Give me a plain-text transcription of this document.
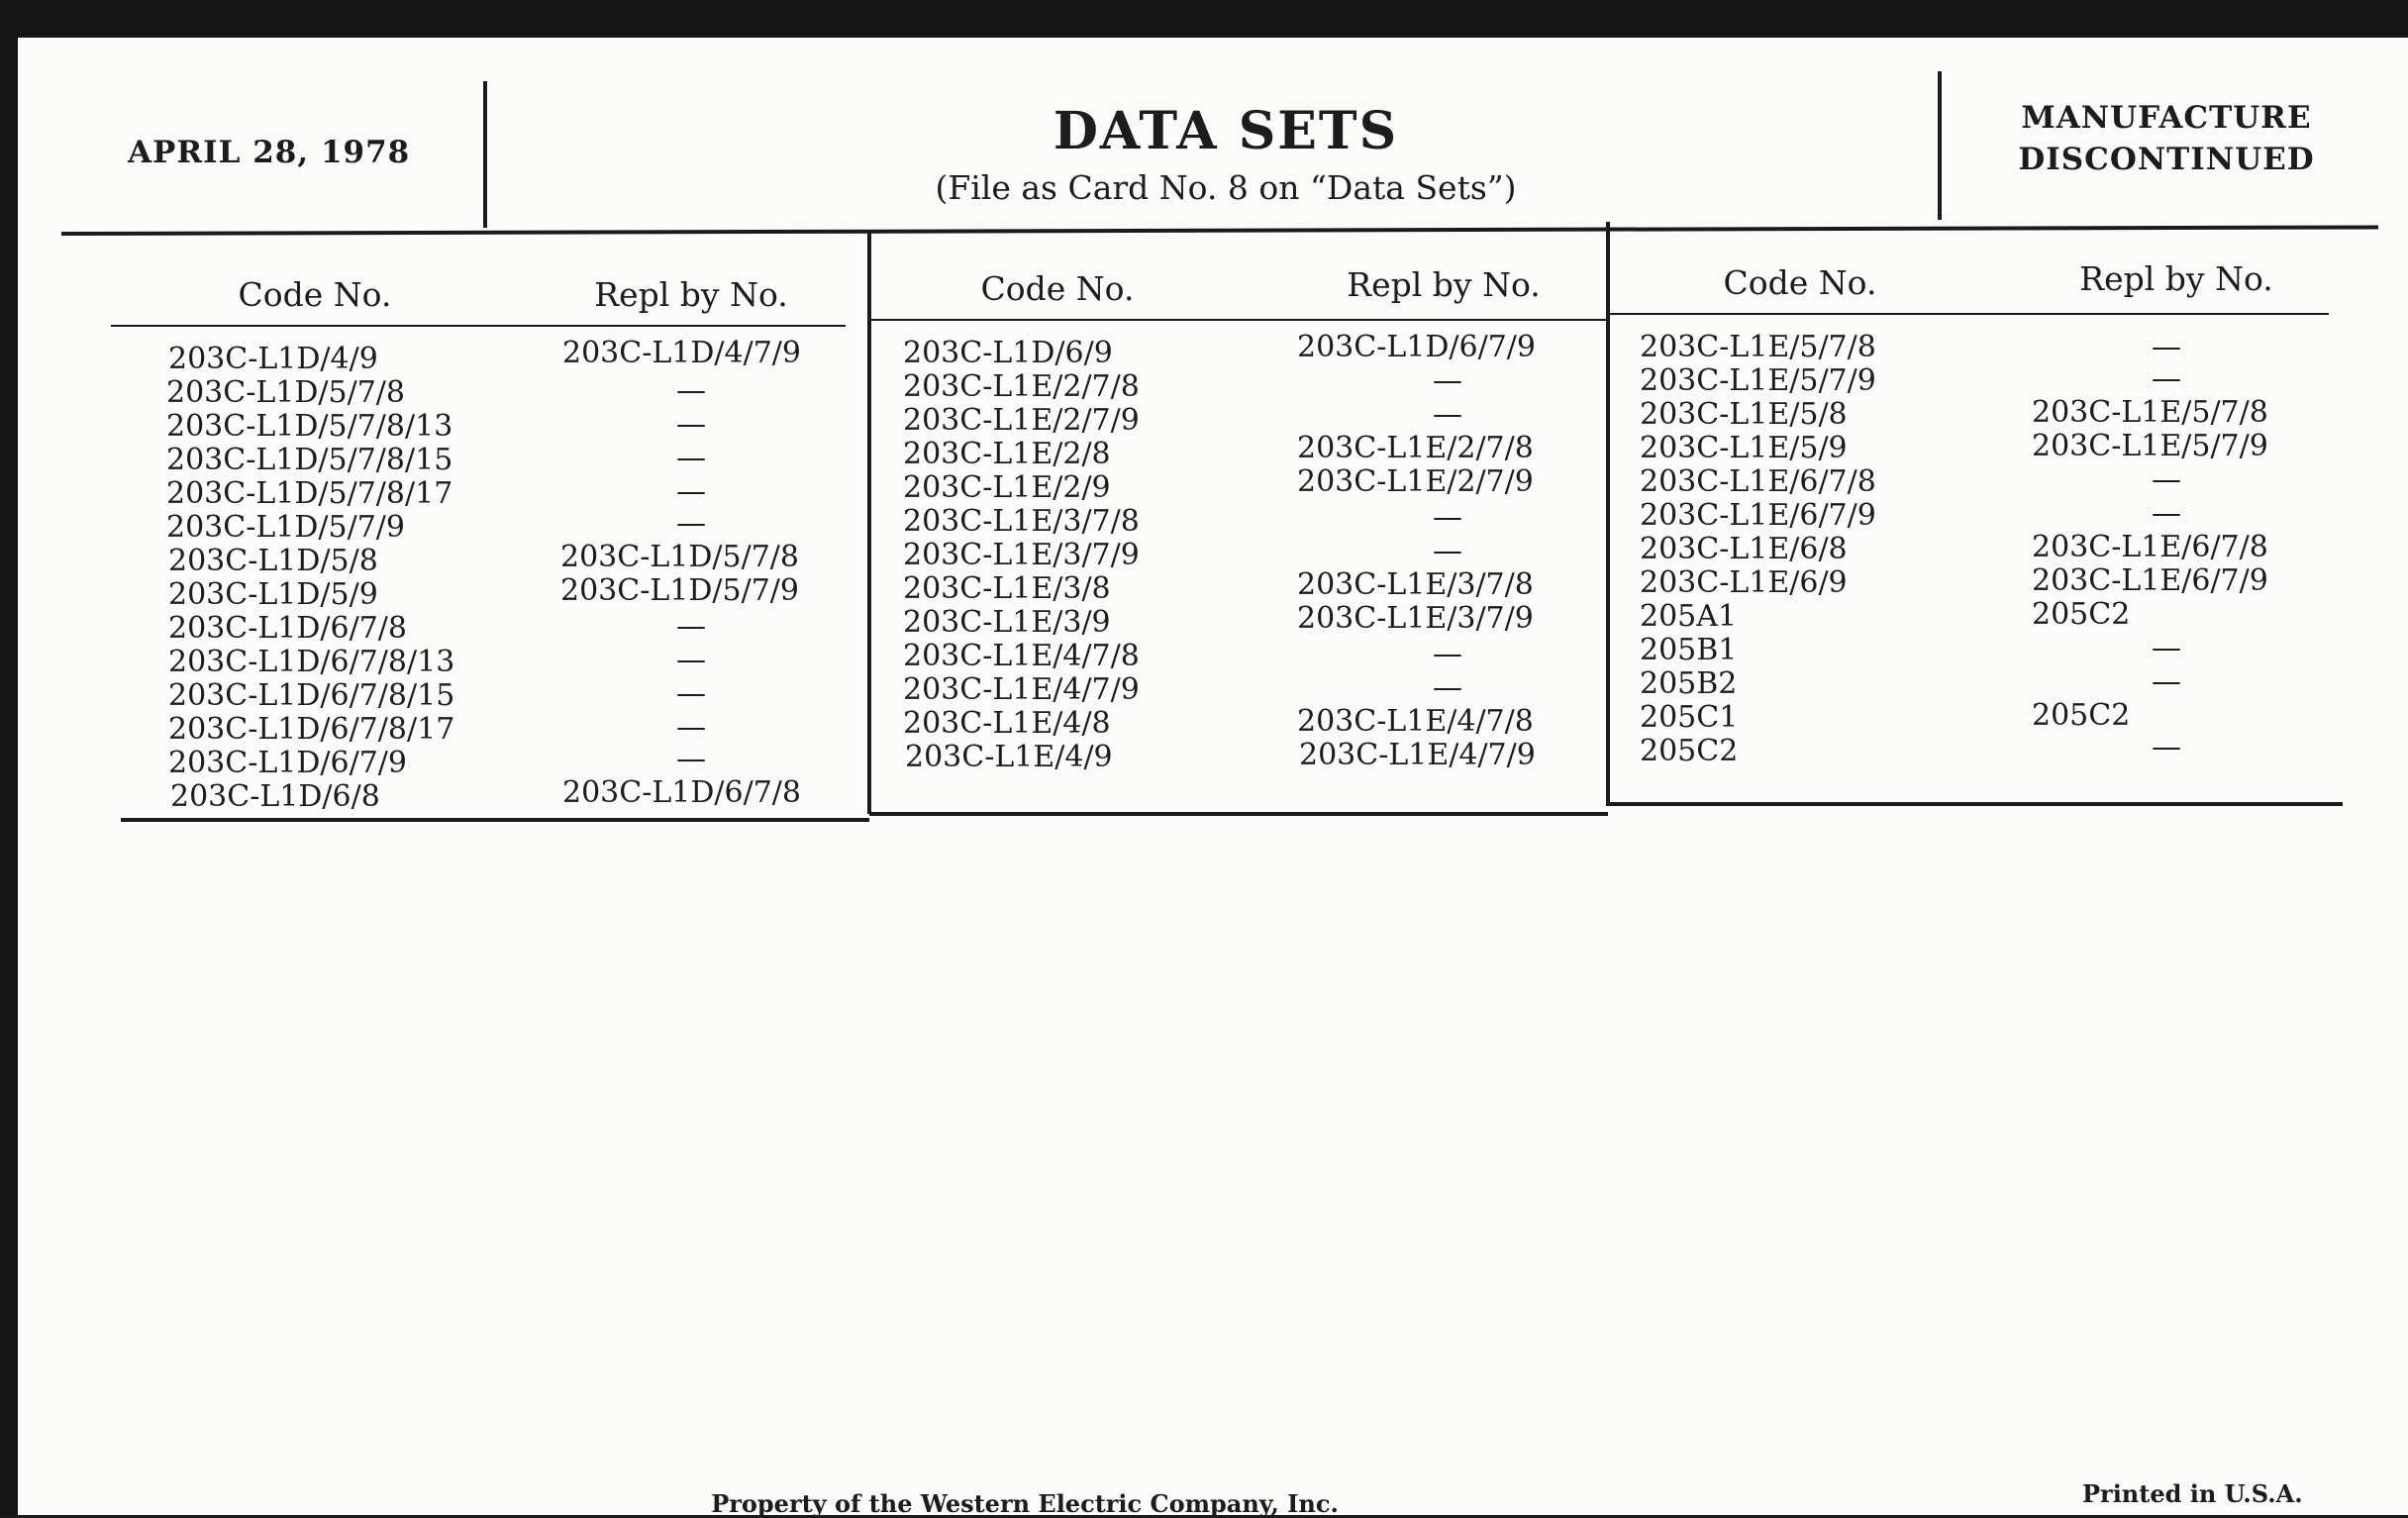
APRIL 28, 1978	DATA SETS
(File as Card No. 8 on “Data Sets”)
MANUFACTURE
DISCONTINUED
Code No.	Repl by No.	Code No.	Repl by No.	Code No.	Repl by No.
203C-L1D/4/9	203C-L1D/4/7/9
203C-L1D/5/7/8	—
203C-L1D/5/7/8/13	—
203C-L1D/5/7/8/15	—
203C-L1D/5/7/8/17	—
203C-L1D/5/7/9	—
203C-L1D/5/8	203C-L1D/5/7/8
203C-L1D/5/9	203C-L1D/5/7/9
203C-L1D/6/7/8	—
203C-L1D/6/7/8/13	—
203C-L1D/6/7/8/15	—
203C-L1D/6/7/8/17	—
203C-L1D/6/7/9	—
203C-L1D/6/8	203C-L1D/6/7/8
203C-L1D/6/9	203C-L1D/6/7/9
203C-L1E/2/7/8	—
203C-L1E/2/7/9	—
203C-L1E/2/8	203C-L1E/2/7/8
203C-L1E/2/9	203C-L1E/2/7/9
203C-L1E/3/7/8	—
203C-L1E/3/7/9	—
203C-L1E/3/8	203C-L1E/3/7/8
203C-L1E/3/9	203C-L1E/3/7/9
203C-L1E/4/7/8	—
203C-L1E/4/7/9	—
203C-L1E/4/8	203C-L1E/4/7/8
203C-L1E/4/9	203C-L1E/4/7/9
203C-L1E/5/7/8	—
203C-L1E/5/7/9	—
203C-L1E/5/8	203C-L1E/5/7/8
203C-L1E/5/9	203C-L1E/5/7/9
203C-L1E/6/7/8	—
203C-L1E/6/7/9	—
203C-L1E/6/8	203C-L1E/6/7/8
203C-L1E/6/9	203C-L1E/6/7/9
205A1	205C2
205B1	—
205B2	—
205C1	205C2
205C2	—
Property of the Western Electric Company, Inc.	Printed in U.S.A.
